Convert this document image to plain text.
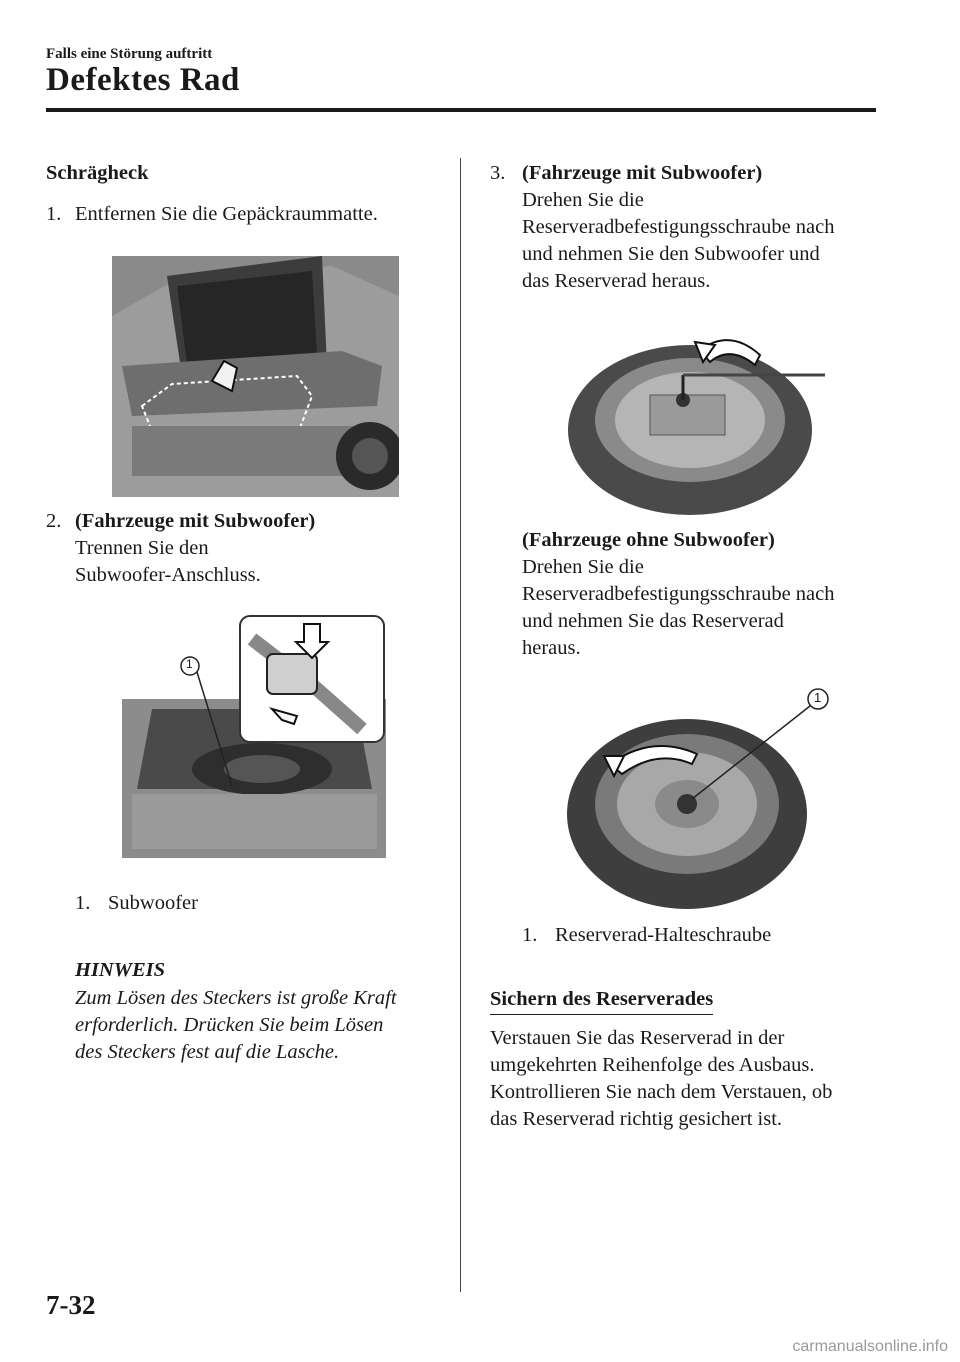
Falls eine Störung auftritt
Defektes Rad
Schrägheck
1. Entfernen Sie die Gepäckraummatte.
2. (Fahrzeuge mit Subwoofer)
Trennen Sie den
Subwoofer-Anschluss.
1
1. Subwoofer
HINWEIS
Zum Lösen des Steckers ist große Kraft
erforderlich. Drücken Sie beim Lösen
des Steckers fest auf die Lasche.
3. (Fahrzeuge mit Subwoofer)
Drehen Sie die
Reserveradbefestigungsschraube nach
und nehmen Sie den Subwoofer und
das Reserverad heraus.
(Fahrzeuge ohne Subwoofer)
Drehen Sie die
Reserveradbefestigungsschraube nach
und nehmen Sie das Reserverad
heraus.
1
1. Reserverad-Halteschraube
Sichern des Reserverades
Verstauen Sie das Reserverad in der
umgekehrten Reihenfolge des Ausbaus.
Kontrollieren Sie nach dem Verstauen, ob
das Reserverad richtig gesichert ist.
7-32
carmanualsonline.info
